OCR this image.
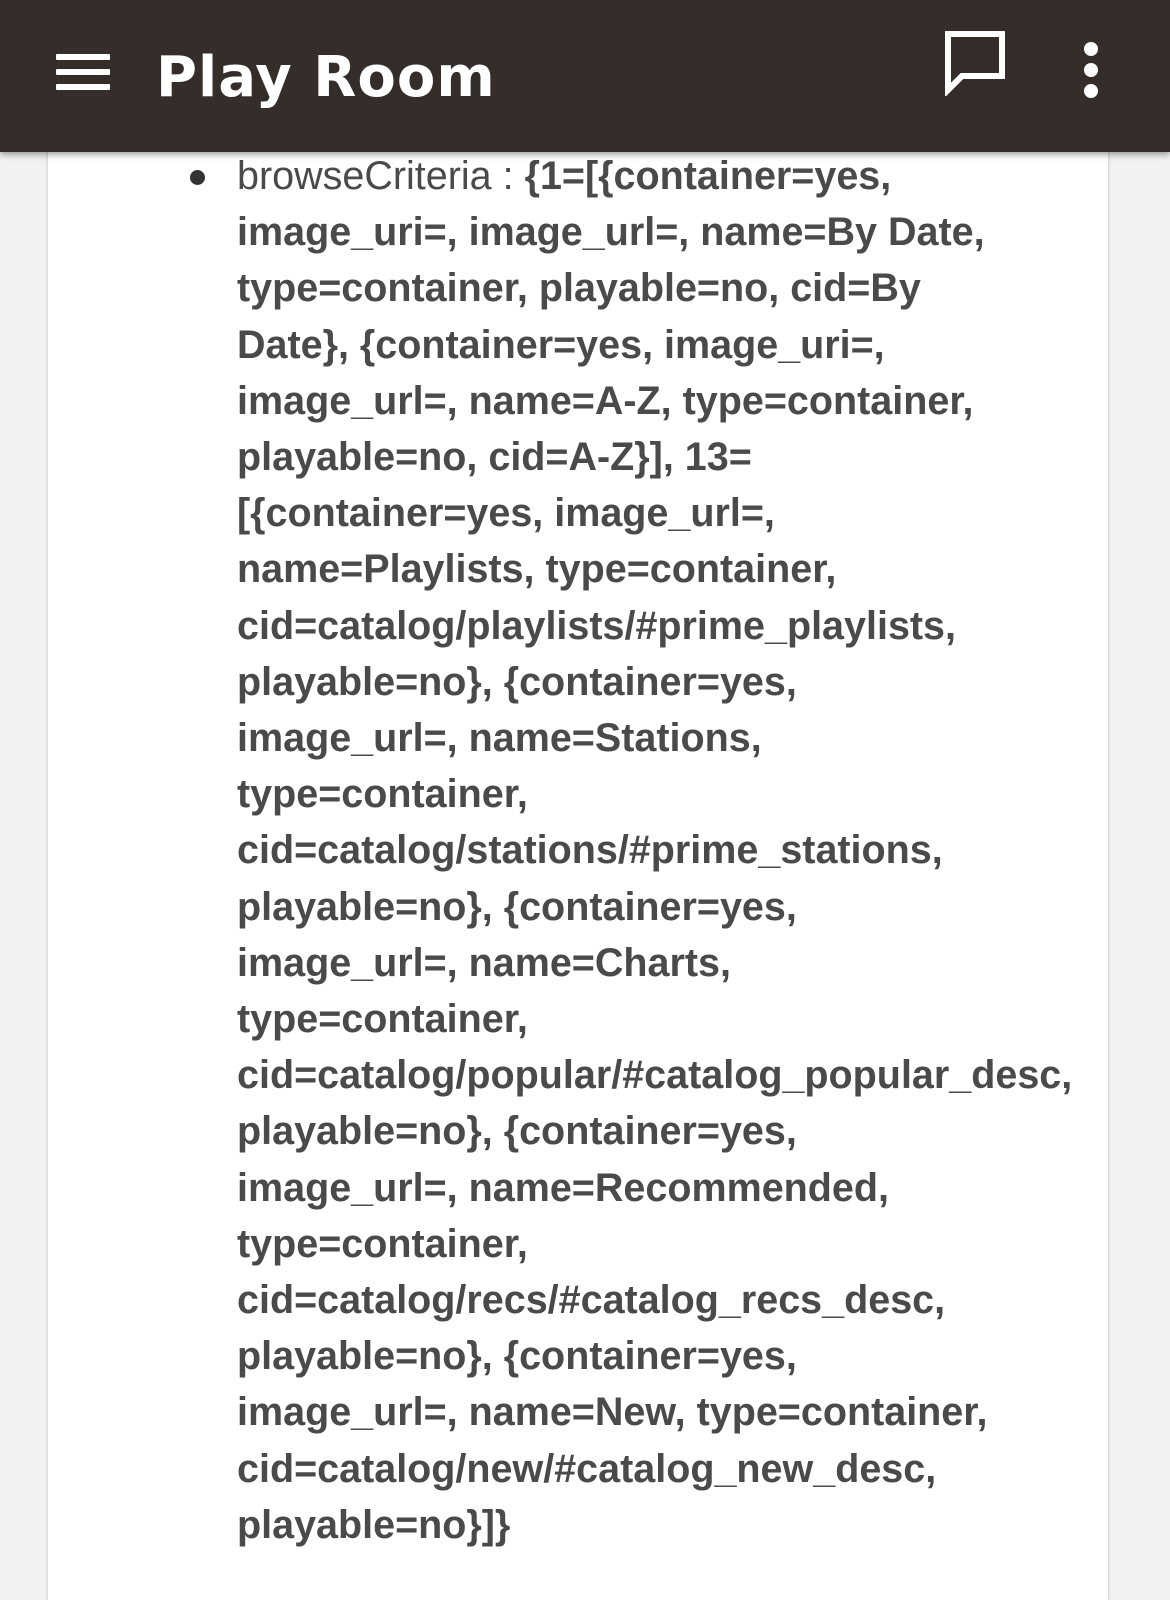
Play Room
browseCriteria : {1=[{container=yes,
image_uri=, image_url=, name=By Date,
type=container, playable=no, cid=By
Date}, {container=yes, image_uri=,
image_url=, name=A-Z, type=container,
playable=no, cid=A-Z}], 13=
[{container=yes, image_url=,
name=Playlists, type=container,
cid=catalog/playlists/#prime_playlists,
playable=no}, {container=yes,
image_url=, name=Stations,
type=container,
cid=catalog/stations/#prime_stations,
playable=no}, {container=yes,
image_url=, name=Charts,
type=container,
cid=catalog/popular/#catalog_popular_desc,
playable=no}, {container=yes,
image_url=, name=Recommended,
type=container,
cid=catalog/recs/#catalog_recs_desc,
playable=no}, {container=yes,
image_url=, name=New, type=container,
cid=catalog/new/#catalog_new_desc,
playable=no}]}
